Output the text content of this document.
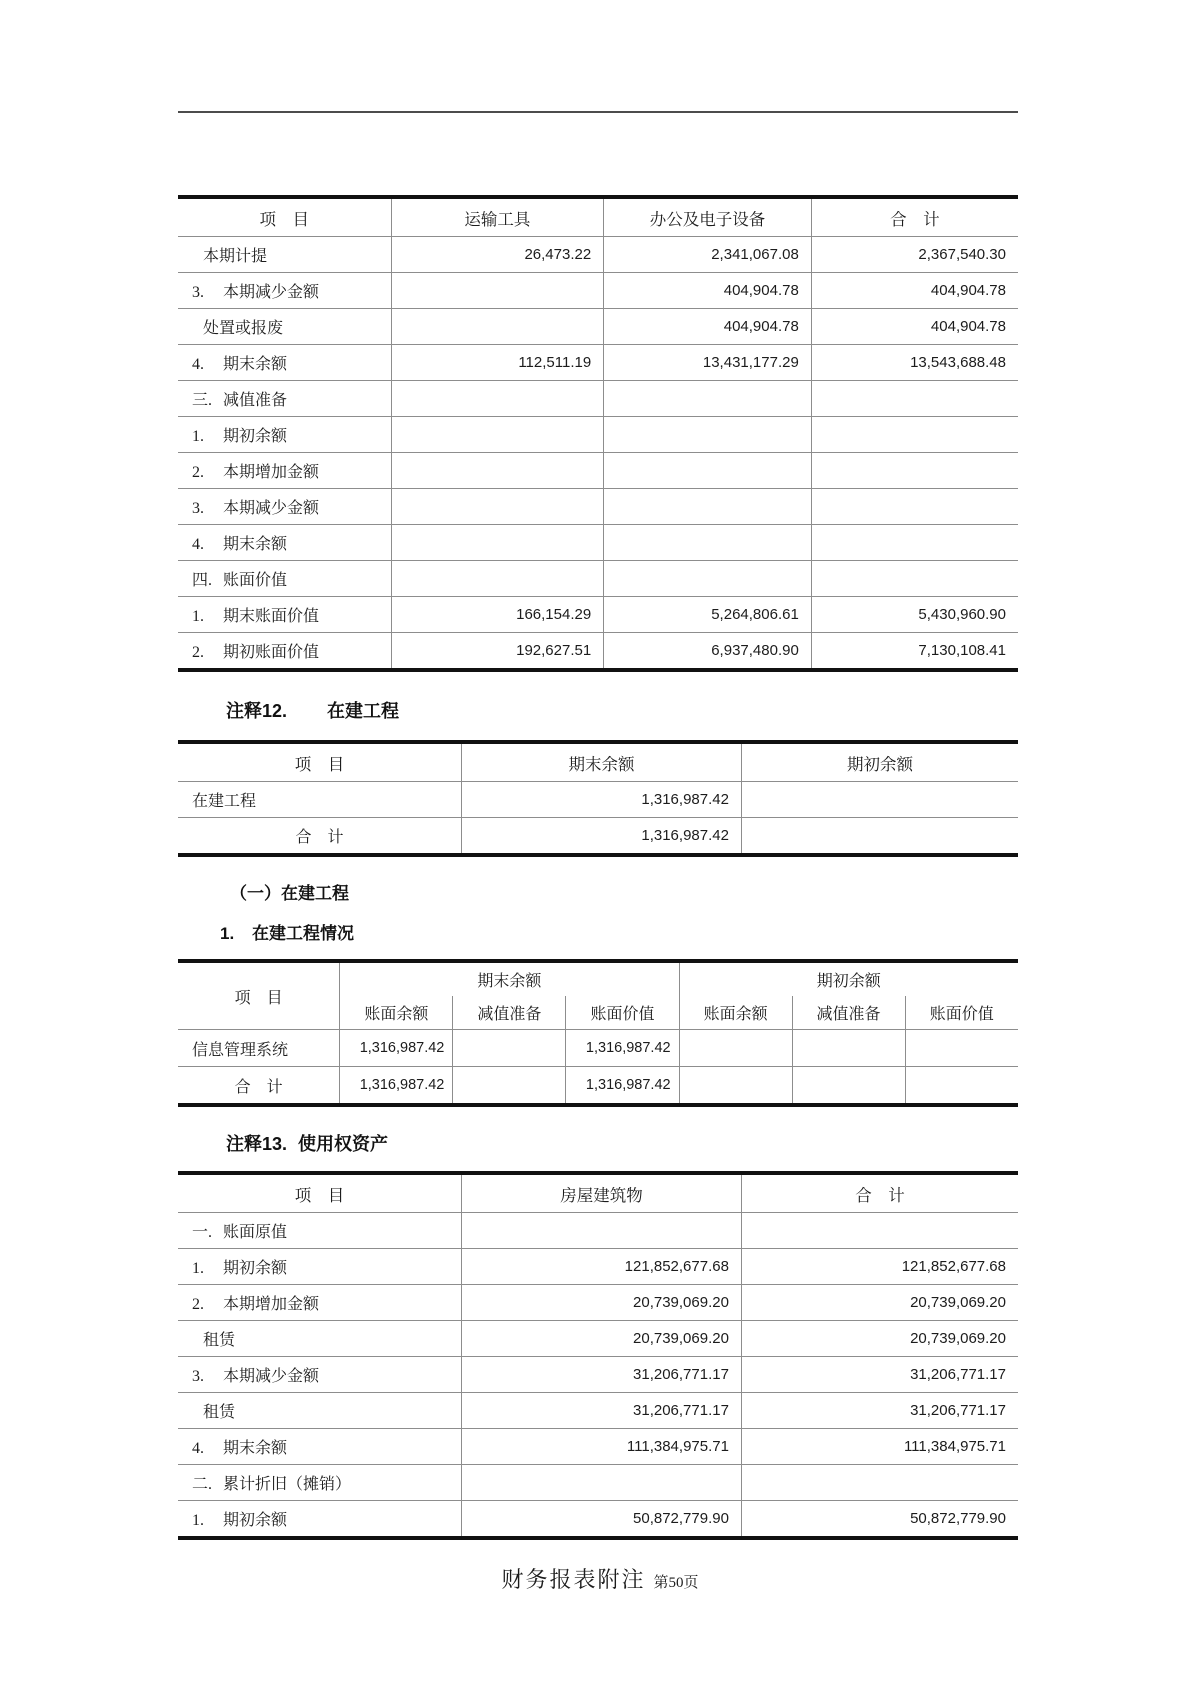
项　目	运输工具	办公及电子设备	合　计
本期计提	26,473.22	2,341,067.08	2,367,540.30
3. 本期减少金额		404,904.78	404,904.78
处置或报废		404,904.78	404,904.78
4. 期末余额	112,511.19	13,431,177.29	13,543,688.48
三. 减值准备			
1. 期初余额			
2. 本期增加金额			
3. 本期减少金额			
4. 期末余额			
四. 账面价值			
1. 期末账面价值	166,154.29	5,264,806.61	5,430,960.90
2. 期初账面价值	192,627.51	6,937,480.90	7,130,108.41
注释12. 在建工程
项　目	期末余额	期初余额
在建工程	1,316,987.42	
合　计	1,316,987.42	
（一）在建工程
1. 在建工程情况
项　目	期末余额			期初余额		
	账面余额	减值准备	账面价值	账面余额	减值准备	账面价值
信息管理系统	1,316,987.42		1,316,987.42			
合　计	1,316,987.42		1,316,987.42			
注释13. 使用权资产
项　目	房屋建筑物	合　计
一. 账面原值		
1. 期初余额	121,852,677.68	121,852,677.68
2. 本期增加金额	20,739,069.20	20,739,069.20
租赁	20,739,069.20	20,739,069.20
3. 本期减少金额	31,206,771.17	31,206,771.17
租赁	31,206,771.17	31,206,771.17
4. 期末余额	111,384,975.71	111,384,975.71
二. 累计折旧（摊销）		
1. 期初余额	50,872,779.90	50,872,779.90
财务报表附注 第50页
